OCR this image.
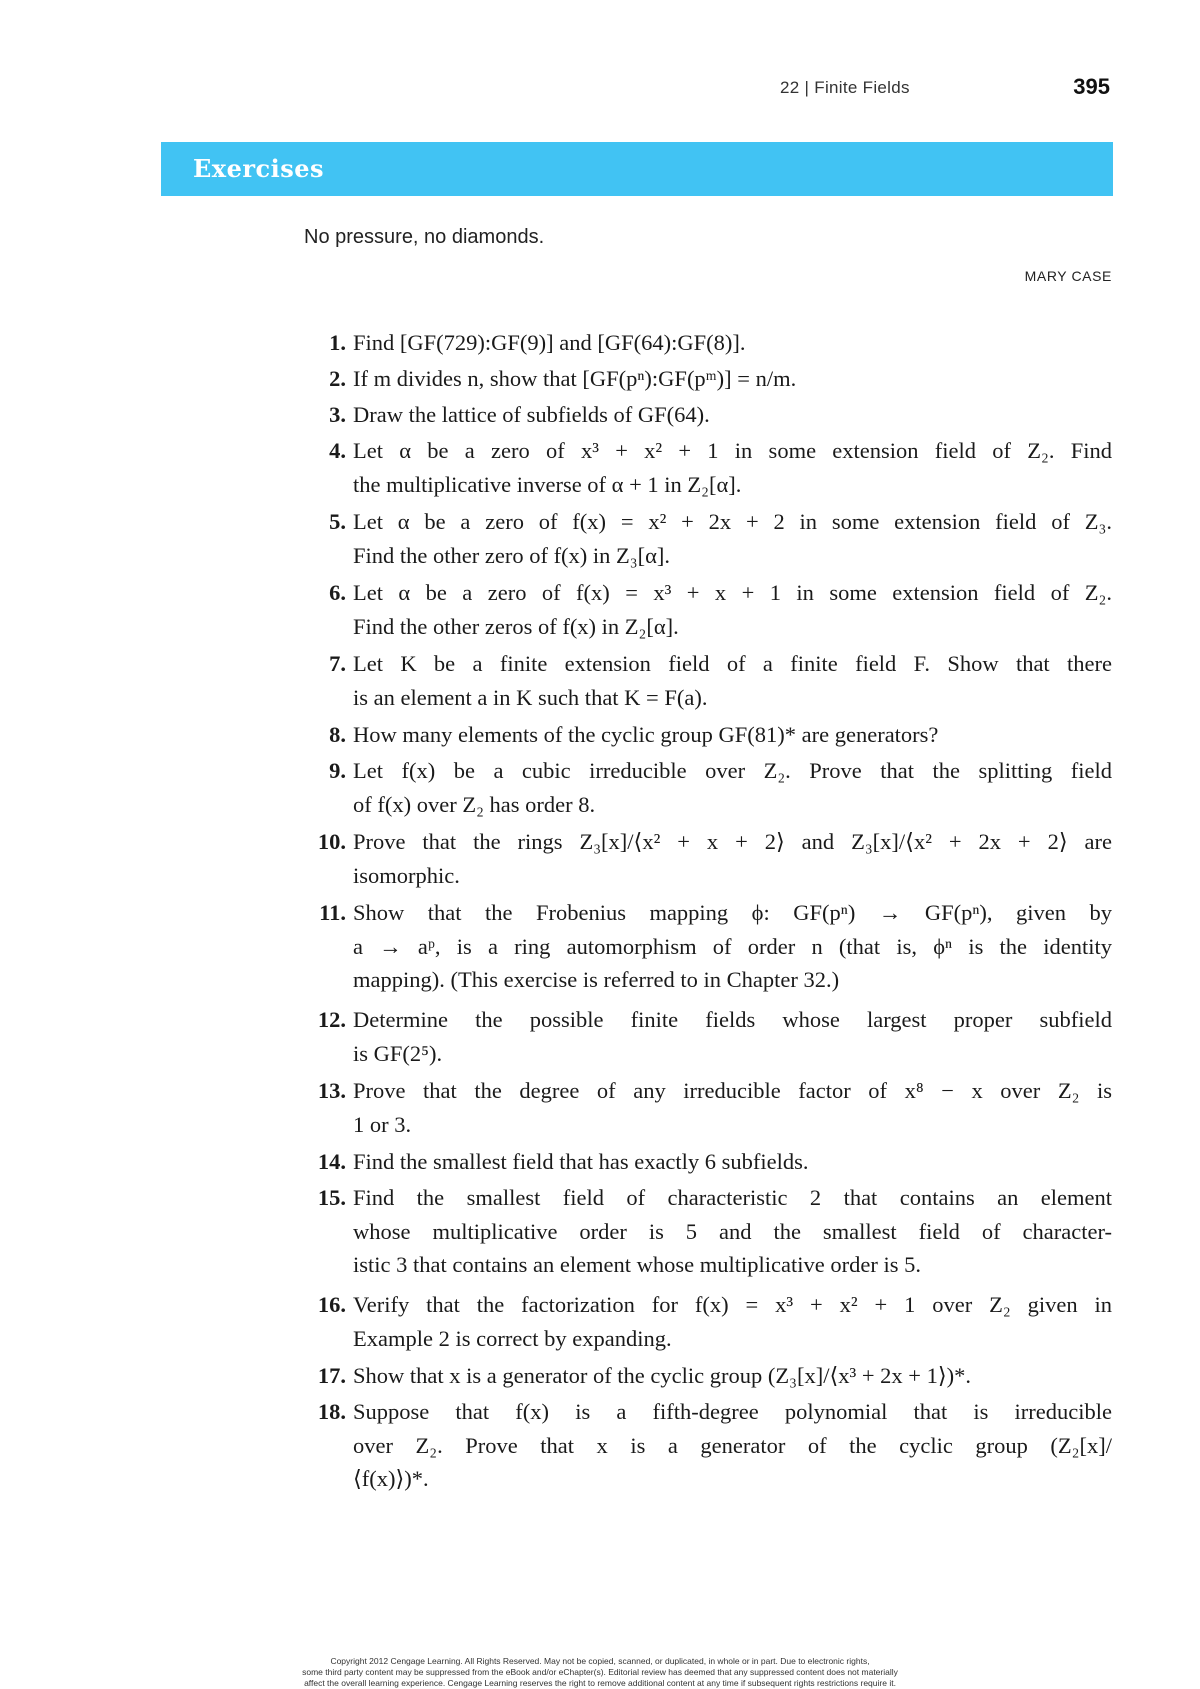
22 | Finite Fields	395
Exercises
No pressure, no diamonds.
MARY CASE
1. Find [GF(729):GF(9)] and [GF(64):GF(8)].
2. If m divides n, show that [GF(pⁿ):GF(pᵐ)] = n/m.
3. Draw the lattice of subfields of GF(64).
4. Let α be a zero of x³ + x² + 1 in some extension field of Z₂. Find
the multiplicative inverse of α + 1 in Z₂[α].
5. Let α be a zero of f(x) = x² + 2x + 2 in some extension field of Z₃.
Find the other zero of f(x) in Z₃[α].
6. Let α be a zero of f(x) = x³ + x + 1 in some extension field of Z₂.
Find the other zeros of f(x) in Z₂[α].
7. Let K be a finite extension field of a finite field F. Show that there
is an element a in K such that K = F(a).
8. How many elements of the cyclic group GF(81)* are generators?
9. Let f(x) be a cubic irreducible over Z₂. Prove that the splitting field
of f(x) over Z₂ has order 8.
10. Prove that the rings Z₃[x]/⟨x² + x + 2⟩ and Z₃[x]/⟨x² + 2x + 2⟩ are
isomorphic.
11. Show that the Frobenius mapping ϕ: GF(pⁿ) → GF(pⁿ), given by
a → aᵖ, is a ring automorphism of order n (that is, ϕⁿ is the identity
mapping). (This exercise is referred to in Chapter 32.)
12. Determine the possible finite fields whose largest proper subfield
is GF(2⁵).
13. Prove that the degree of any irreducible factor of x⁸ − x over Z₂ is
1 or 3.
14. Find the smallest field that has exactly 6 subfields.
15. Find the smallest field of characteristic 2 that contains an element
whose multiplicative order is 5 and the smallest field of character-
istic 3 that contains an element whose multiplicative order is 5.
16. Verify that the factorization for f(x) = x³ + x² + 1 over Z₂ given in
Example 2 is correct by expanding.
17. Show that x is a generator of the cyclic group (Z₃[x]/⟨x³ + 2x + 1⟩)*.
18. Suppose that f(x) is a fifth-degree polynomial that is irreducible
over Z₂. Prove that x is a generator of the cyclic group (Z₂[x]/
⟨f(x)⟩)*.
Copyright 2012 Cengage Learning. All Rights Reserved. May not be copied, scanned, or duplicated, in whole or in part. Due to electronic rights,
some third party content may be suppressed from the eBook and/or eChapter(s). Editorial review has deemed that any suppressed content does not materially
affect the overall learning experience. Cengage Learning reserves the right to remove additional content at any time if subsequent rights restrictions require it.
